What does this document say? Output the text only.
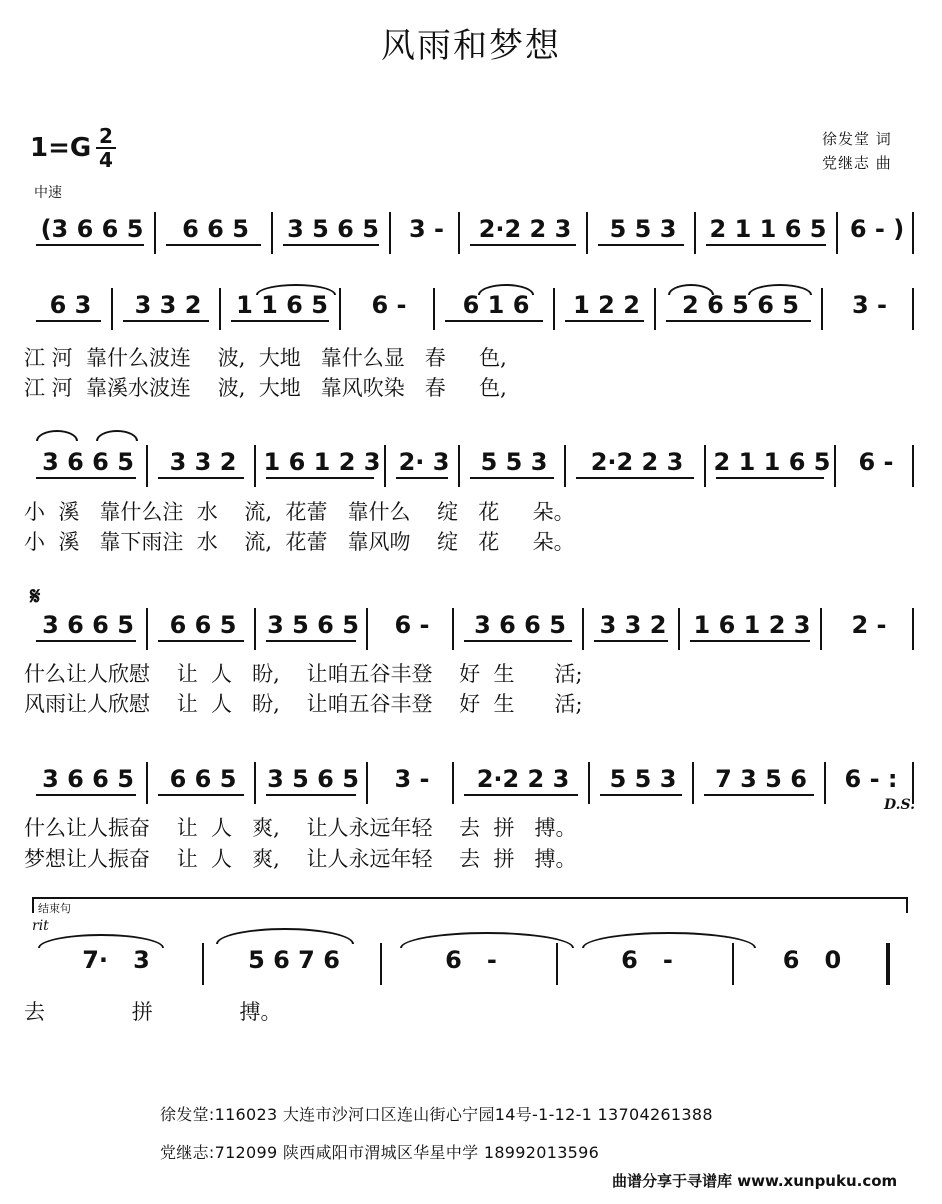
风雨和梦想
1=G 2
4
徐发堂 词
党继志 曲
中速
(3 6 6 5	6 6 5	3 5 6 5	3 -	2·2 2 3	5 5 3	2 1 1 6 5 6 - )
6 3	3 3 2	1 1 6 5	6 -	6 1 6	1 2 2	2 6 5 6 5	3 -
3 6 6 5	3 3 2	1 6 1 2 3 2· 3	5 5 3	2·2 2 3	2 1 1 6 5	6 -
3 6 6 5	6 6 5	3 5 6 5	6 -	3 6 6 5	3 3 2	1 6 1 2 3	2 -
3 6 6 5	6 6 5	3 5 6 5	3 -	2·2 2 3	5 5 3	7 3 5 6	6 - :
7·   3	5 6 7 6	6   -	6   -	6   0
江 河  靠什么波连    波,  大地   靠什么显   春     色,
江 河  靠溪水波连    波,  大地   靠风吹染   春     色,
小  溪   靠什么注  水    流,  花蕾   靠什么    绽   花     朵。
小  溪   靠下雨注  水    流,  花蕾   靠风吻    绽   花     朵。
什么让人欣慰    让  人   盼,    让咱五谷丰登    好  生      活;
风雨让人欣慰    让  人   盼,    让咱五谷丰登    好  生      活;
什么让人振奋    让  人   爽,    让人永远年轻    去  拼   搏。
梦想让人振奋    让  人   爽,    让人永远年轻    去  拼   搏。
去             拼             搏。
𝄋
D.S.
结束句
rit
徐发堂:116023 大连市沙河口区连山街心宁园14号-1-12-1 13704261388
党继志:712099 陕西咸阳市渭城区华星中学 18992013596
曲谱分享于寻谱库 www.xunpuku.com
